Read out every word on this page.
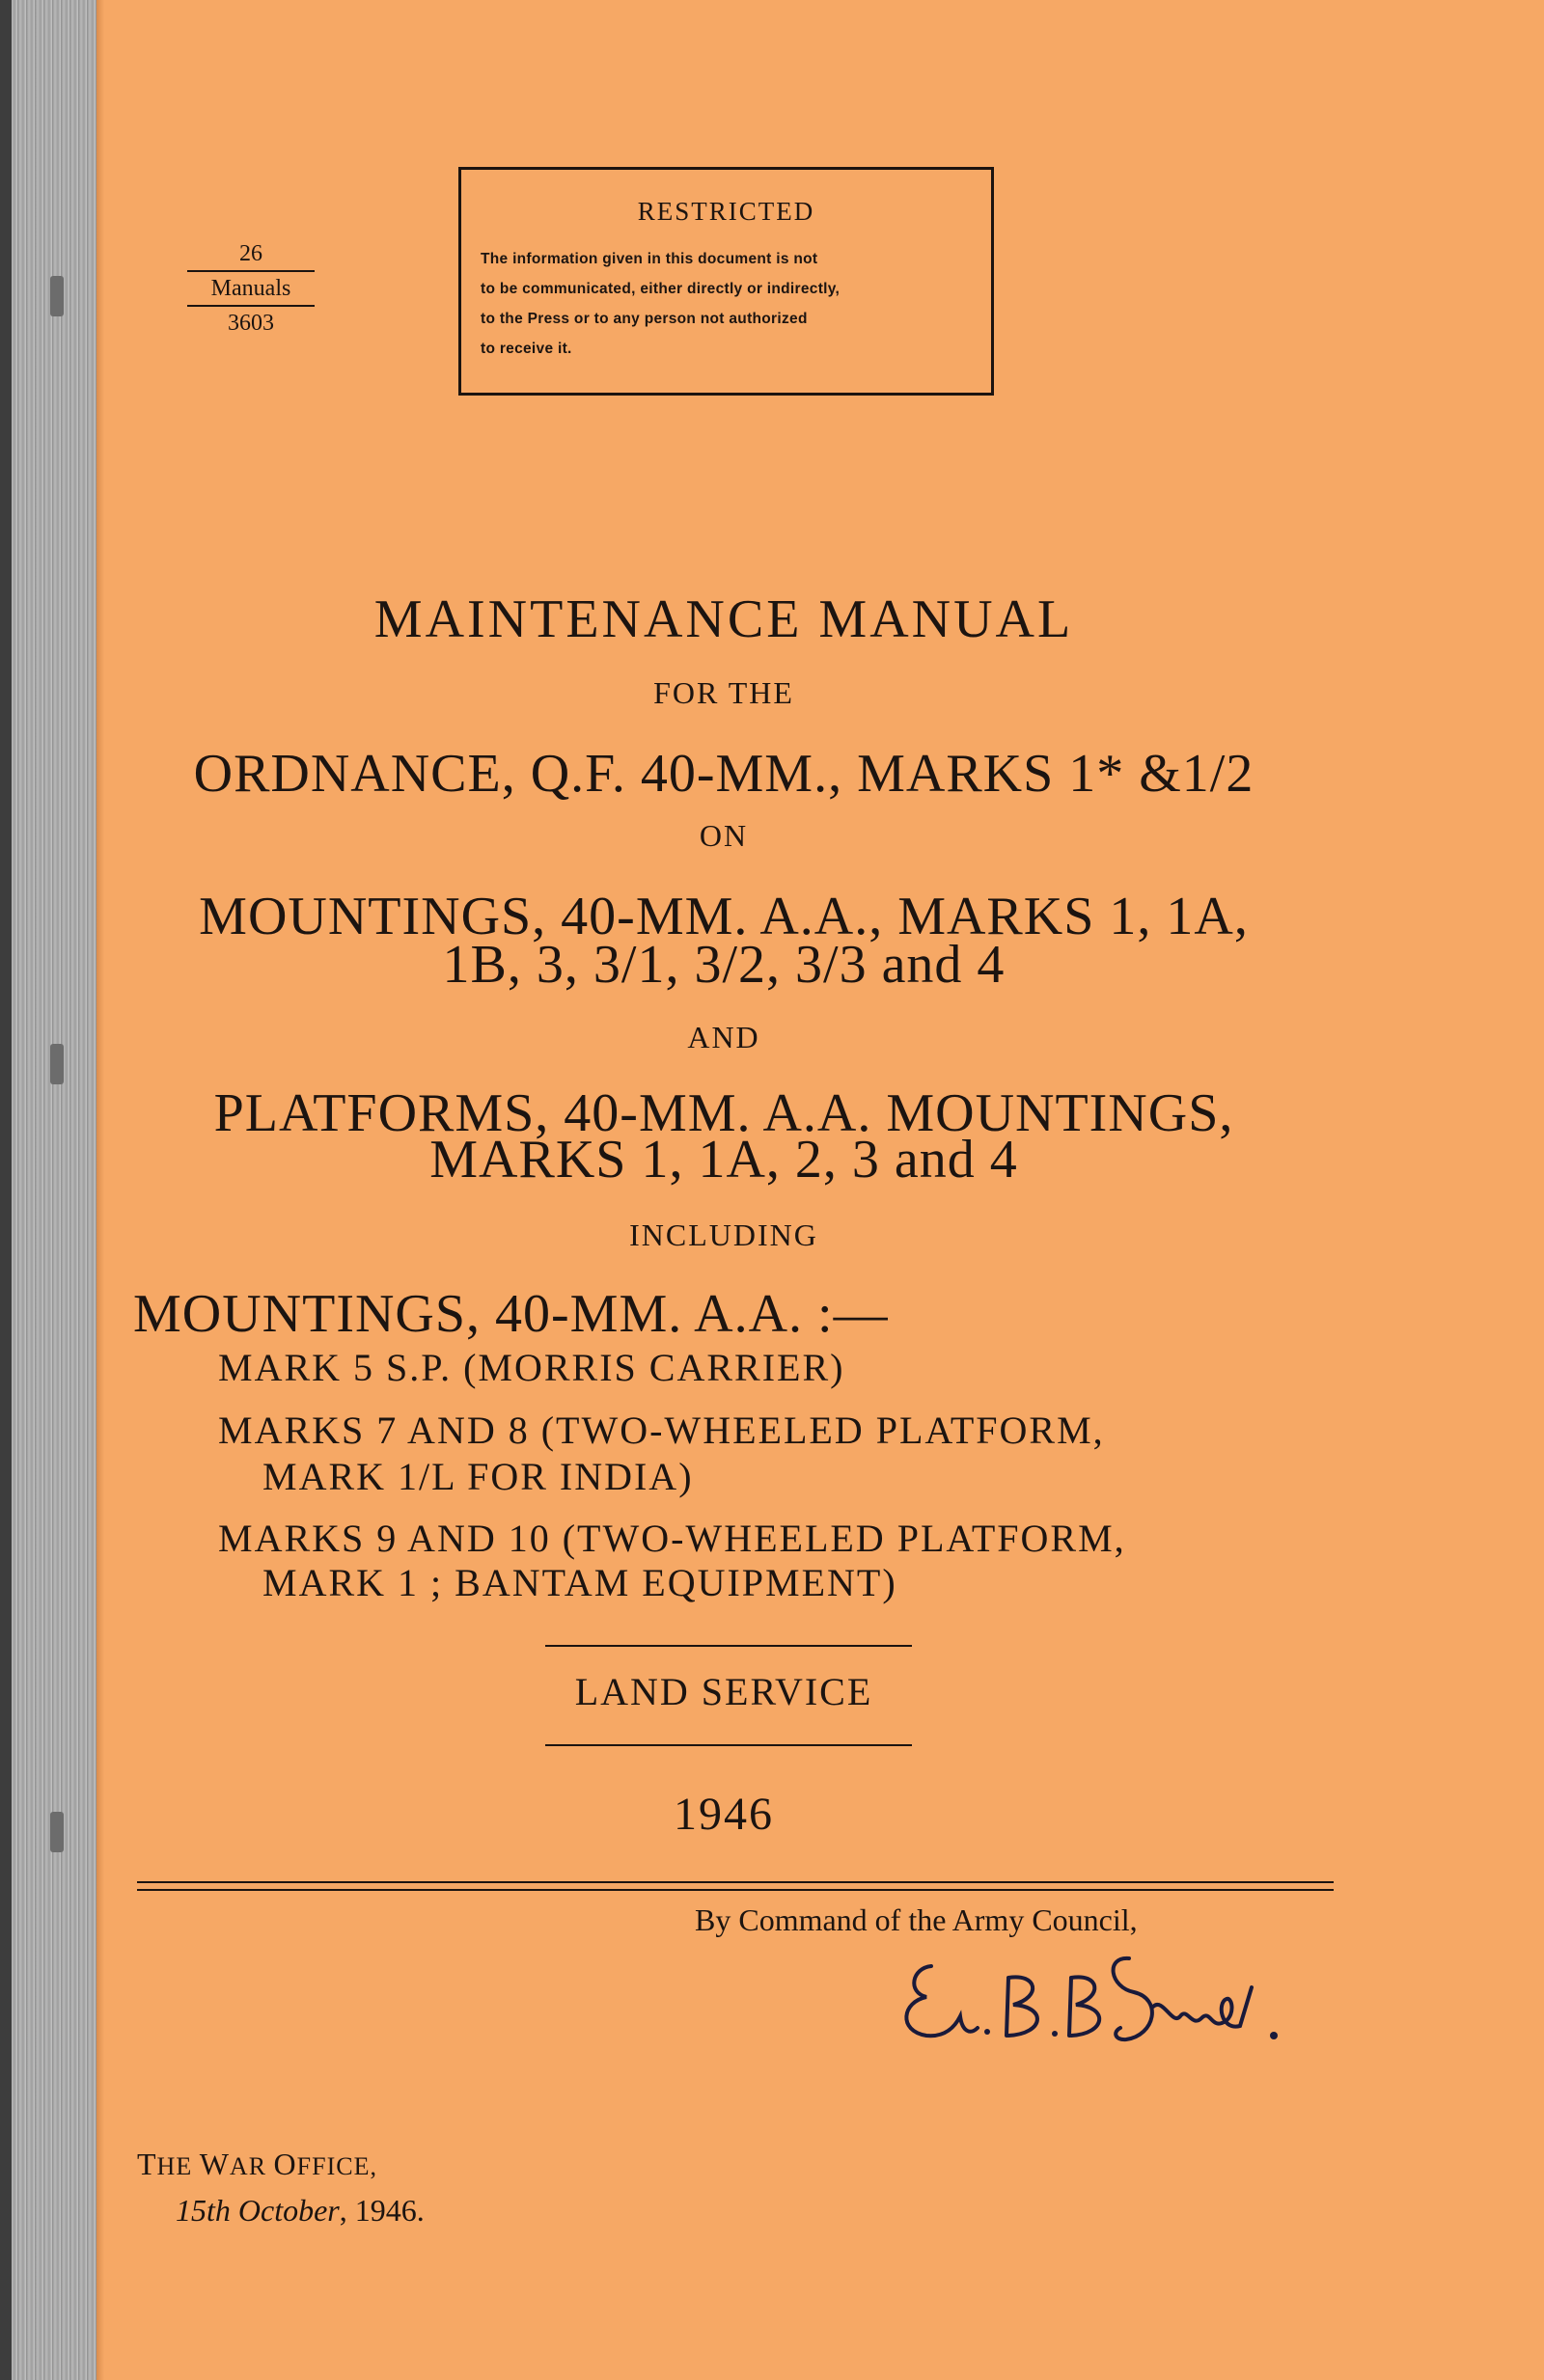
26
Manuals
3603
RESTRICTED
The information given in this document is not
to be communicated, either directly or indirectly,
to the Press or to any person not authorized
to receive it.
MAINTENANCE MANUAL
FOR THE
ORDNANCE, Q.F. 40-MM., MARKS 1* &1/2
ON
MOUNTINGS, 40-MM. A.A., MARKS 1, 1A,
1B, 3, 3/1, 3/2, 3/3 and 4
AND
PLATFORMS, 40-MM. A.A. MOUNTINGS,
MARKS 1, 1A, 2, 3 and 4
INCLUDING
MOUNTINGS, 40-MM. A.A. :—
MARK 5 S.P. (MORRIS CARRIER)
MARKS 7 AND 8 (TWO-WHEELED PLATFORM,
MARK 1/L FOR INDIA)
MARKS 9 AND 10 (TWO-WHEELED PLATFORM,
MARK 1 ; BANTAM EQUIPMENT)
LAND SERVICE
1946
By Command of the Army Council,
THE WAR OFFICE,
15th October, 1946.
